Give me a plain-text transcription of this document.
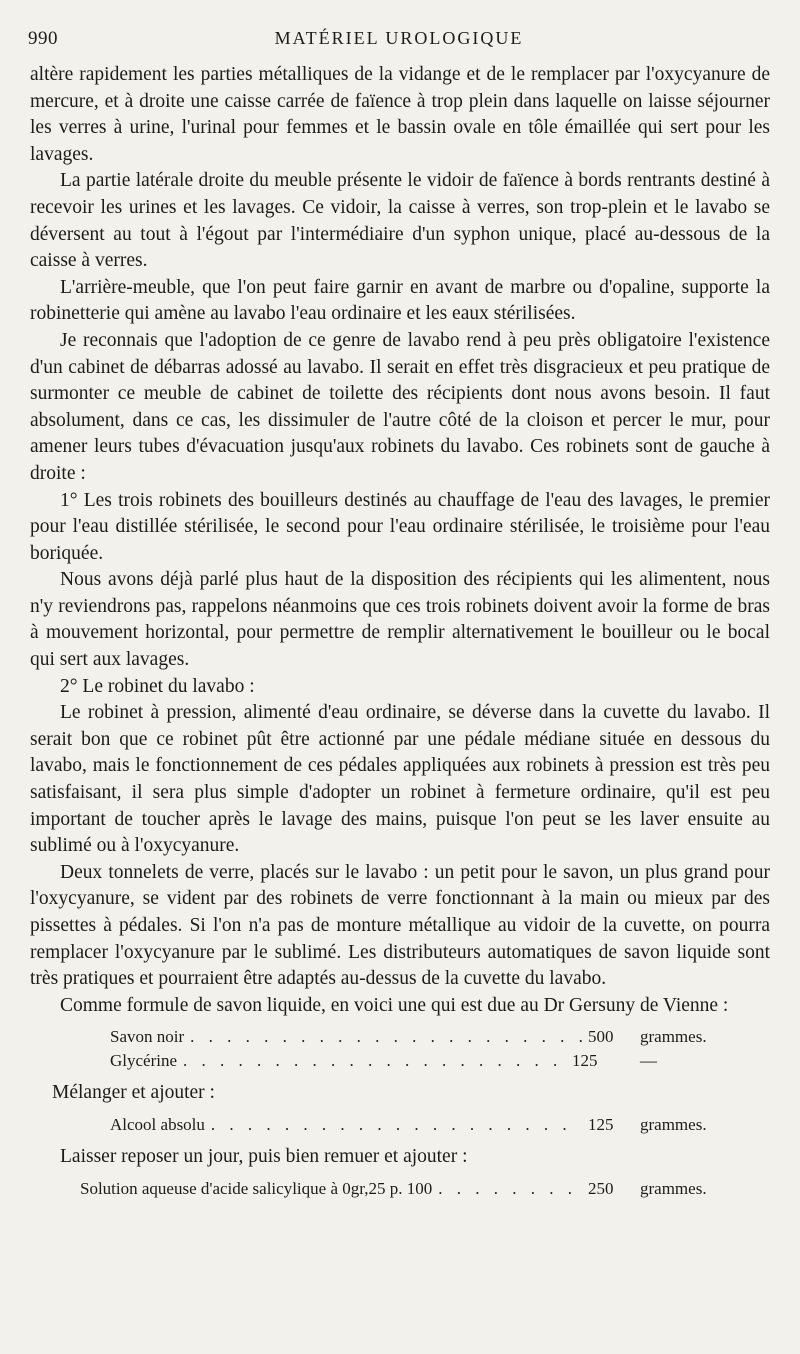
990	MATÉRIEL UROLOGIQUE

altère rapidement les parties métalliques de la vidange et de le remplacer par l'oxycyanure de mercure, et à droite une caisse carrée de faïence à trop plein dans laquelle on laisse séjourner les verres à urine, l'urinal pour femmes et le bassin ovale en tôle émaillée qui sert pour les lavages.

La partie latérale droite du meuble présente le vidoir de faïence à bords rentrants destiné à recevoir les urines et les lavages. Ce vidoir, la caisse à verres, son trop-plein et le lavabo se déversent au tout à l'égout par l'intermédiaire d'un syphon unique, placé au-dessous de la caisse à verres.

L'arrière-meuble, que l'on peut faire garnir en avant de marbre ou d'opaline, supporte la robinetterie qui amène au lavabo l'eau ordinaire et les eaux stérilisées.

Je reconnais que l'adoption de ce genre de lavabo rend à peu près obligatoire l'existence d'un cabinet de débarras adossé au lavabo. Il serait en effet très disgracieux et peu pratique de surmonter ce meuble de cabinet de toilette des récipients dont nous avons besoin. Il faut absolument, dans ce cas, les dissimuler de l'autre côté de la cloison et percer le mur, pour amener leurs tubes d'évacuation jusqu'aux robinets du lavabo. Ces robinets sont de gauche à droite :

1° Les trois robinets des bouilleurs destinés au chauffage de l'eau des lavages, le premier pour l'eau distillée stérilisée, le second pour l'eau ordinaire stérilisée, le troisième pour l'eau boriquée.

Nous avons déjà parlé plus haut de la disposition des récipients qui les alimentent, nous n'y reviendrons pas, rappelons néanmoins que ces trois robinets doivent avoir la forme de bras à mouvement horizontal, pour permettre de remplir alternativement le bouilleur ou le bocal qui sert aux lavages.

2° Le robinet du lavabo :

Le robinet à pression, alimenté d'eau ordinaire, se déverse dans la cuvette du lavabo. Il serait bon que ce robinet pût être actionné par une pédale médiane située en dessous du lavabo, mais le fonctionnement de ces pédales appliquées aux robinets à pression est très peu satisfaisant, il sera plus simple d'adopter un robinet à fermeture ordinaire, qu'il est peu important de toucher après le lavage des mains, puisque l'on peut se les laver ensuite au sublimé ou à l'oxycyanure.

Deux tonnelets de verre, placés sur le lavabo : un petit pour le savon, un plus grand pour l'oxycyanure, se vident par des robinets de verre fonctionnant à la main ou mieux par des pissettes à pédales. Si l'on n'a pas de monture métallique au vidoir de la cuvette, on pourra remplacer l'oxycyanure par le sublimé. Les distributeurs automatiques de savon liquide sont très pratiques et pourraient être adaptés au-dessus de la cuvette du lavabo.

Comme formule de savon liquide, en voici une qui est due au Dr Gersuny de Vienne :

Savon noir . . .	500	grammes.
Glycérine . . .	125	—

Mélanger et ajouter :

Alcool absolu . . .	125	grammes.

Laisser reposer un jour, puis bien remuer et ajouter :

Solution aqueuse d'acide salicylique à 0gr,25 p. 100 . . .	250	grammes.
